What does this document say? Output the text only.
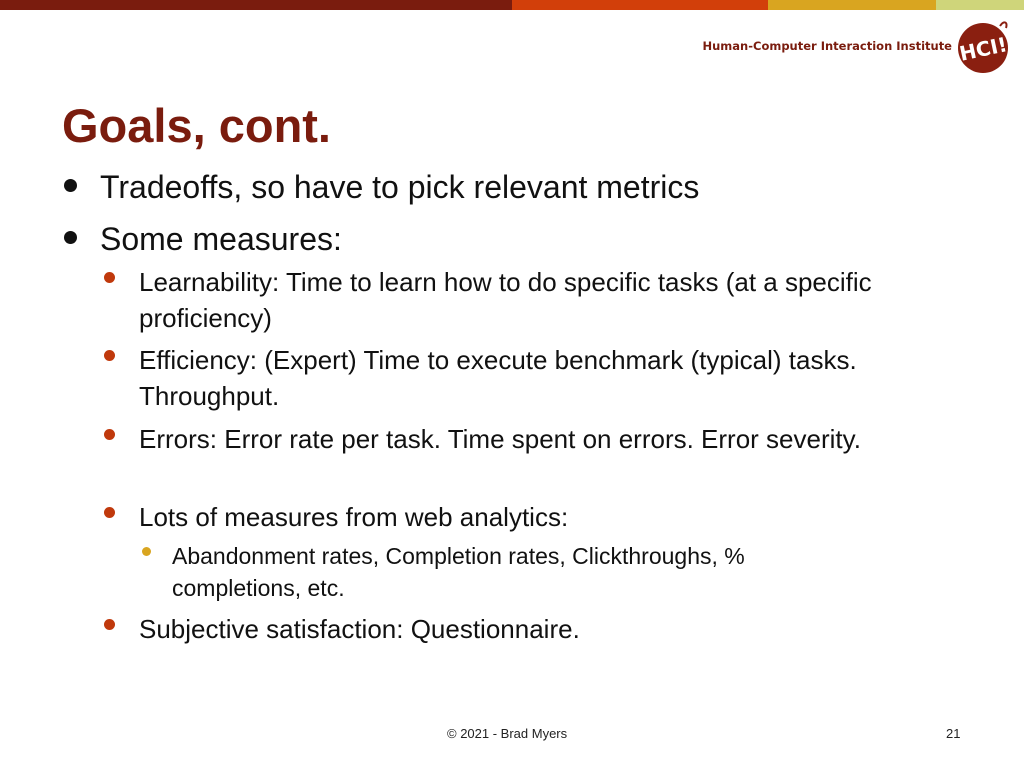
Human-Computer Interaction Institute HCI!
Goals, cont.
Tradeoffs, so have to pick relevant metrics
Some measures:
Learnability: Time to learn how to do specific tasks (at a specific proficiency)
Efficiency: (Expert) Time to execute benchmark (typical) tasks. Throughput.
Errors: Error rate per task. Time spent on errors. Error severity.
Lots of measures from web analytics:
Abandonment rates, Completion rates, Clickthroughs, % completions, etc.
Subjective satisfaction: Questionnaire.
© 2021 - Brad Myers	21
